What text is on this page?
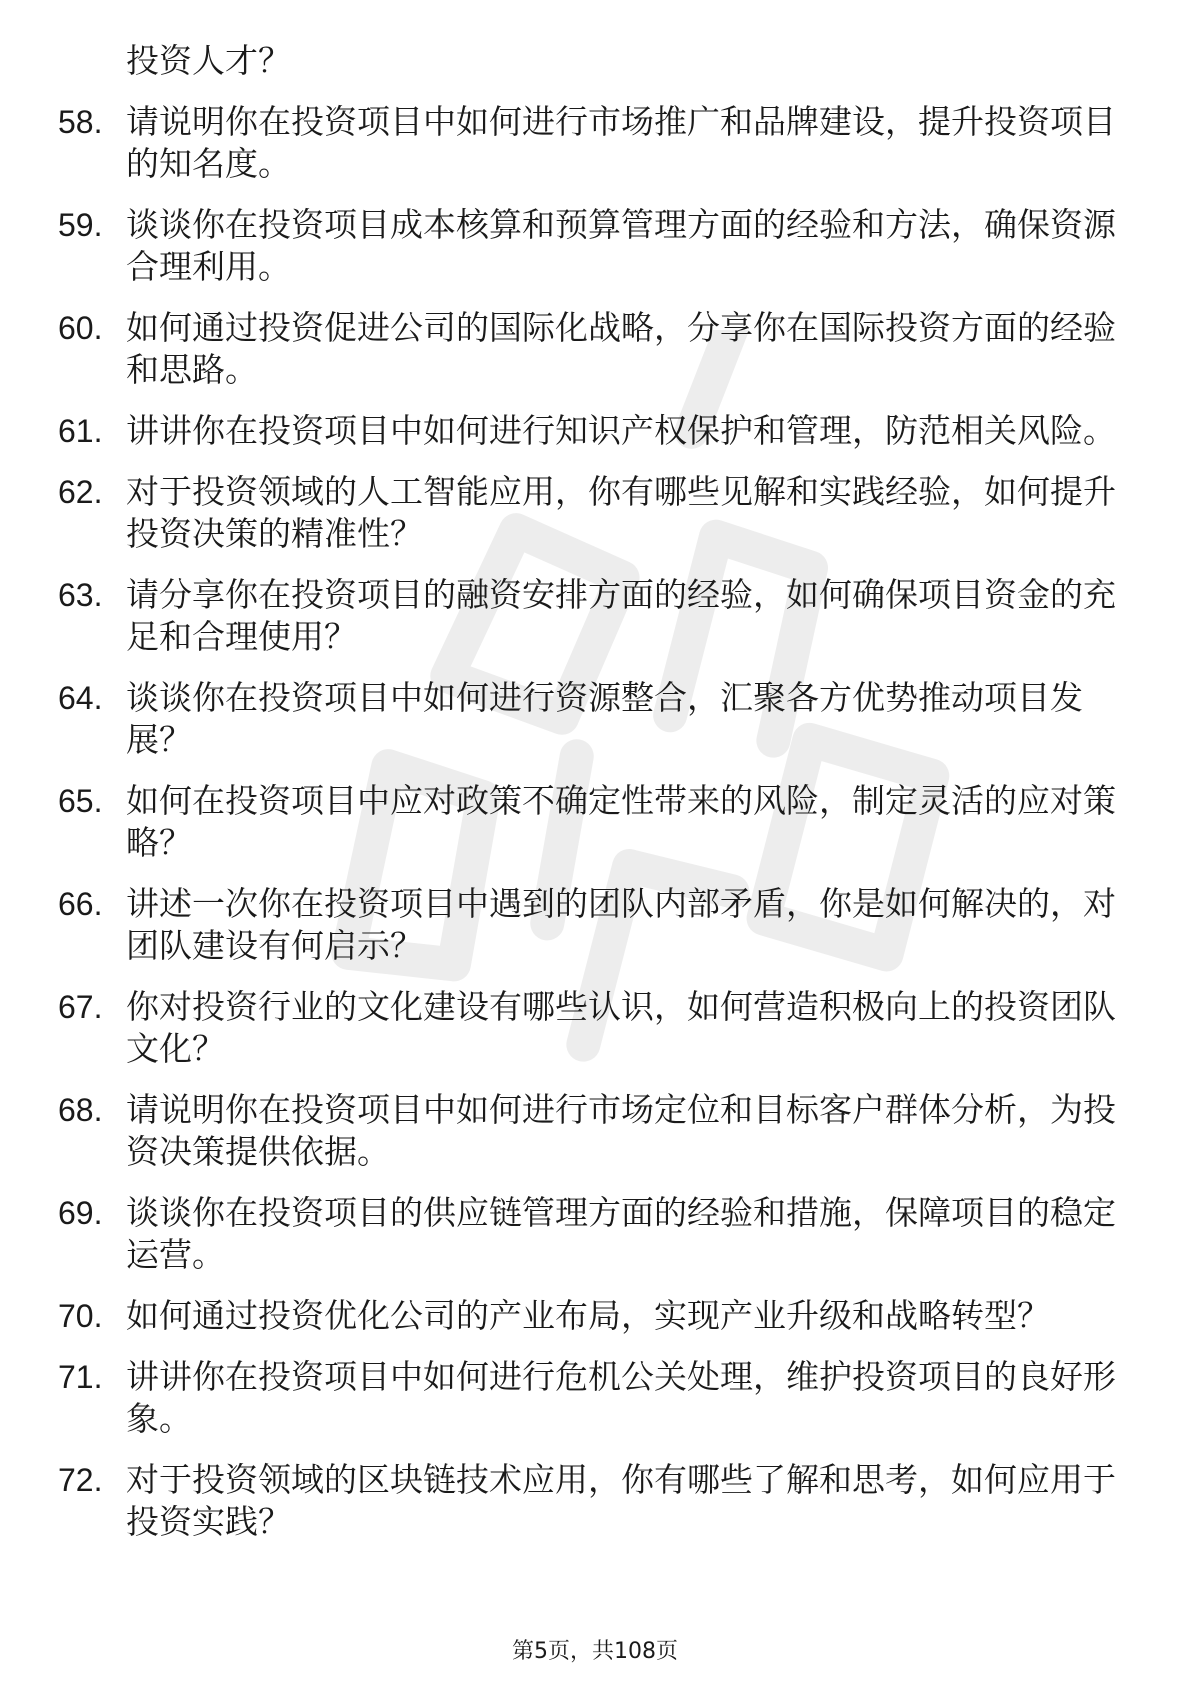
投资人才？
58. 请说明你在投资项目中如何进行市场推广和品牌建设，提升投资项目的知名度。
59. 谈谈你在投资项目成本核算和预算管理方面的经验和方法，确保资源合理利用。
60. 如何通过投资促进公司的国际化战略，分享你在国际投资方面的经验和思路。
61. 讲讲你在投资项目中如何进行知识产权保护和管理，防范相关风险。
62. 对于投资领域的人工智能应用，你有哪些见解和实践经验，如何提升投资决策的精准性？
63. 请分享你在投资项目的融资安排方面的经验，如何确保项目资金的充足和合理使用？
64. 谈谈你在投资项目中如何进行资源整合，汇聚各方优势推动项目发展？
65. 如何在投资项目中应对政策不确定性带来的风险，制定灵活的应对策略？
66. 讲述一次你在投资项目中遇到的团队内部矛盾，你是如何解决的，对团队建设有何启示？
67. 你对投资行业的文化建设有哪些认识，如何营造积极向上的投资团队文化？
68. 请说明你在投资项目中如何进行市场定位和目标客户群体分析，为投资决策提供依据。
69. 谈谈你在投资项目的供应链管理方面的经验和措施，保障项目的稳定运营。
70. 如何通过投资优化公司的产业布局，实现产业升级和战略转型？
71. 讲讲你在投资项目中如何进行危机公关处理，维护投资项目的良好形象。
72. 对于投资领域的区块链技术应用，你有哪些了解和思考，如何应用于投资实践？
第5页，共108页
